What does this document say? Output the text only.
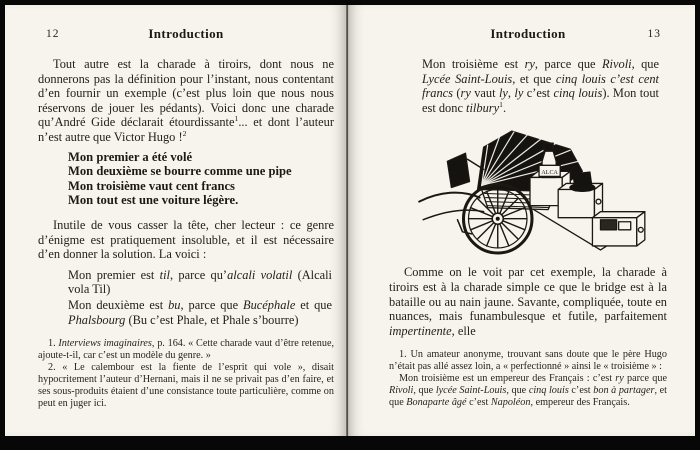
12	Introduction

Tout autre est la charade à tiroirs, dont nous ne donnerons pas la définition pour l’instant, nous contentant d’en fournir un exemple (c’est plus loin que nous nous réservons de jouer les pédants). Voici donc une charade qu’André Gide déclarait étourdissante$^1$... et dont l’auteur n’est autre que Victor Hugo !$^2$

Mon premier a été volé
Mon deuxième se bourre comme une pipe
Mon troisième vaut cent francs
Mon tout est une voiture légère.

Inutile de vous casser la tête, cher lecteur : ce genre d’énigme est pratiquement insoluble, et il est nécessaire d’en donner la solution. La voici :

Mon premier est til, parce qu’alcali volatil (Alcali vola Til)

Mon deuxième est bu, parce que Bucéphale et que Phalsbourg (Bu c’est Phale, et Phale s’bourre)

1. Interviews imaginaires, p. 164. « Cette charade vaut d’être retenue, ajoute-t-il, car c’est un modèle du genre. »

2. « Le calembour est la fiente de l’esprit qui vole », disait hypocritement l’auteur d’Hernani, mais il ne se privait pas d’en faire, et ses sous-produits étaient d’une consistance toute particulière, comme on peut en juger ici.

Introduction	13
Mon troisième est ry, parce que Rivoli, que Lycée Saint-Louis, et que cinq louis c’est cent francs (ry vaut ly, ly c’est cinq louis). Mon tout est donc tilbury$^1$.
ALCA

Comme on le voit par cet exemple, la charade à tiroirs est à la charade simple ce que le bridge est à la bataille ou au nain jaune. Savante, compliquée, toute en nuances, mais funambulesque et futile, parfaitement impertinente, elle

1. Un amateur anonyme, trouvant sans doute que le père Hugo n’était pas allé assez loin, a « perfectionné » ainsi le « troisième » :

Mon troisième est un empereur des Français : c’est ry parce que Rivoli, que lycée Saint-Louis, que cinq louis c’est bon à partager, et que Bonaparte âgé c’est Napoléon, empereur des Français.
